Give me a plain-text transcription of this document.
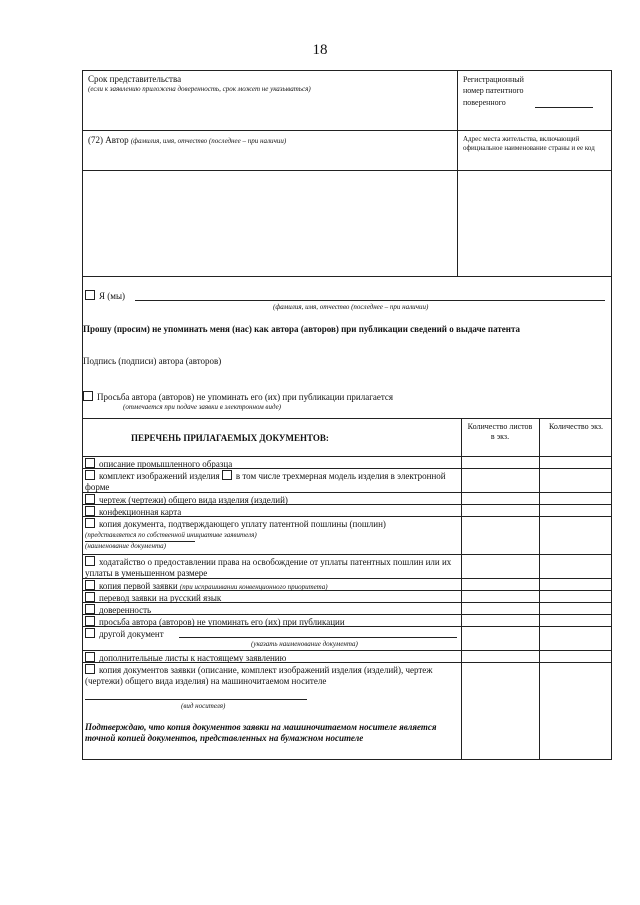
18
Срок представительства
(если к заявлению приложена доверенность, срок может не указываться)
Регистрационный
номер патентного
поверенного
(72) Автор (фамилия, имя, отчество (последнее – при наличии)	Адрес места жительства, включающий официальное наименование страны и ее код
Я (мы)
(фамилия, имя, отчество (последнее – при наличии)
Прошу (просим) не упоминать меня (нас) как автора (авторов) при публикации сведений о выдаче патента
Подпись (подписи) автора (авторов)
Просьба автора (авторов) не упоминать его (их) при публикации прилагается
(отмечается при подаче заявки в электронном виде)
ПЕРЕЧЕНЬ ПРИЛАГАЕМЫХ ДОКУМЕНТОВ:
Количество листов в экз.
Количество экз.
описание промышленного образца
комплект изображений изделия в том числе трехмерная модель изделия в электронной форме
чертеж (чертежи) общего вида изделия (изделий)
конфекционная карта
копия документа, подтверждающего уплату патентной пошлины (пошлин)
(представляется по собственной инициативе заявителя)
(наименование документа)
ходатайство о предоставлении права на освобождение от уплаты патентных пошлин или их уплаты в уменьшенном размере
копия первой заявки (при испрашивании конвенционного приоритета)
перевод заявки на русский язык
доверенность
просьба автора (авторов) не упоминать его (их) при публикации
другой документ
(указать наименование документа)
дополнительные листы к настоящему заявлению
копия документов заявки (описание, комплект изображений изделия (изделий), чертеж (чертежи) общего вида изделия) на машиночитаемом носителе
(вид носителя)
Подтверждаю, что копия документов заявки на машиночитаемом носителе является точной копией документов, представленных на бумажном носителе
